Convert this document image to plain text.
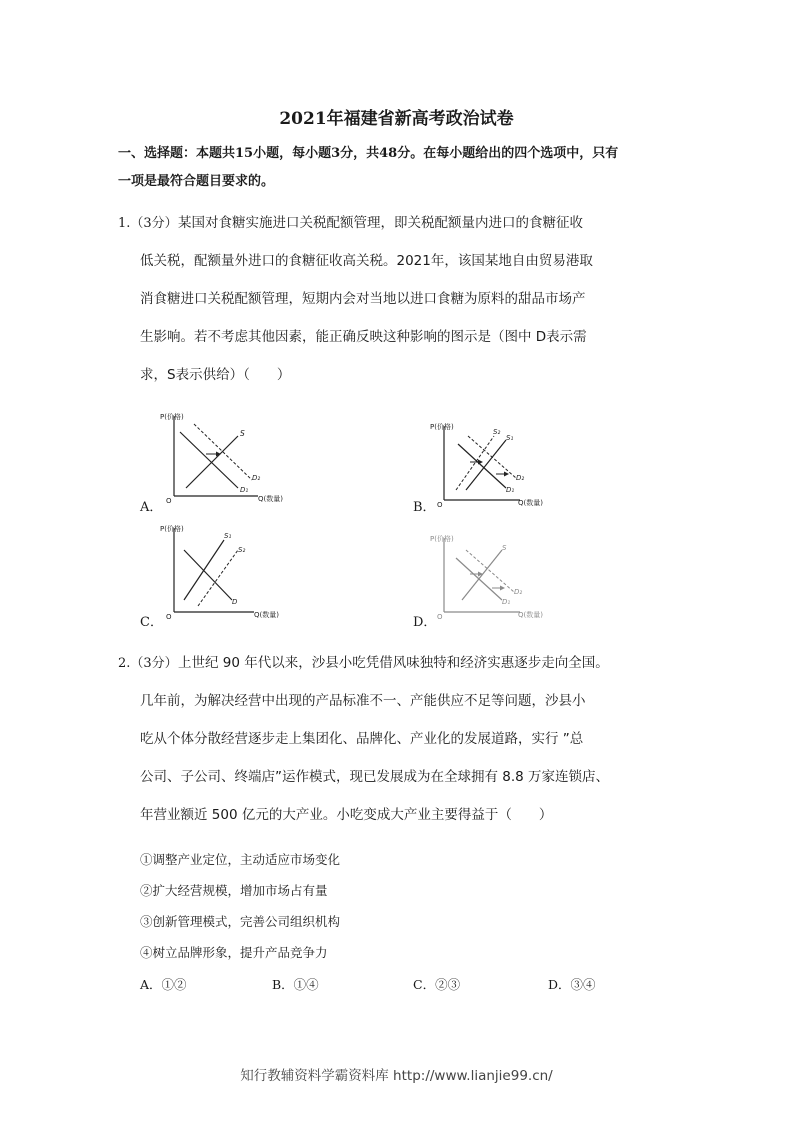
2021年福建省新高考政治试卷
一、选择题：本题共15小题，每小题3分，共48分。在每小题给出的四个选项中，只有
一项是最符合题目要求的。
1.（3分） 某国对食糖实施进口关税配额管理，即关税配额量内进口的食糖征收
低关税，配额量外进口的食糖征收高关税。2021年，该国某地自由贸易港取
消食糖进口关税配额管理，短期内会对当地以进口食糖为原料的甜品市场产
生影响。若不考虑其他因素，能正确反映这种影响的图示是（图中 D表示需
求，S表示供给）（　　）
A．
P(价格)
Q(数量)
O
S
D₂
D₁
B．
P(价格)
Q(数量)
O
S₂
S₁
D₂
D₁
C．
P(价格)
Q(数量)
O
S₁
S₂
D
D．
P(价格)
Q(数量)
O
S
D₂
D₁
2.（3分） 上世纪 90 年代以来，沙县小吃凭借风味独特和经济实惠逐步走向全国。
几年前，为解决经营中出现的产品标准不一、产能供应不足等问题，沙县小
吃从个体分散经营逐步走上集团化、品牌化、产业化的发展道路，实行 ”总
公司、子公司、终端店”运作模式，现已发展成为在全球拥有 8.8 万家连锁店、
年营业额近 500 亿元的大产业。小吃变成大产业主要得益于（　　）
①调整产业定位，主动适应市场变化
②扩大经营规模，增加市场占有量
③创新管理模式，完善公司组织机构
④树立品牌形象，提升产品竞争力
A．①②	B．①④	C．②③	D．③④
知行教辅资料学霸资料库 http://www.lianjie99.cn/
